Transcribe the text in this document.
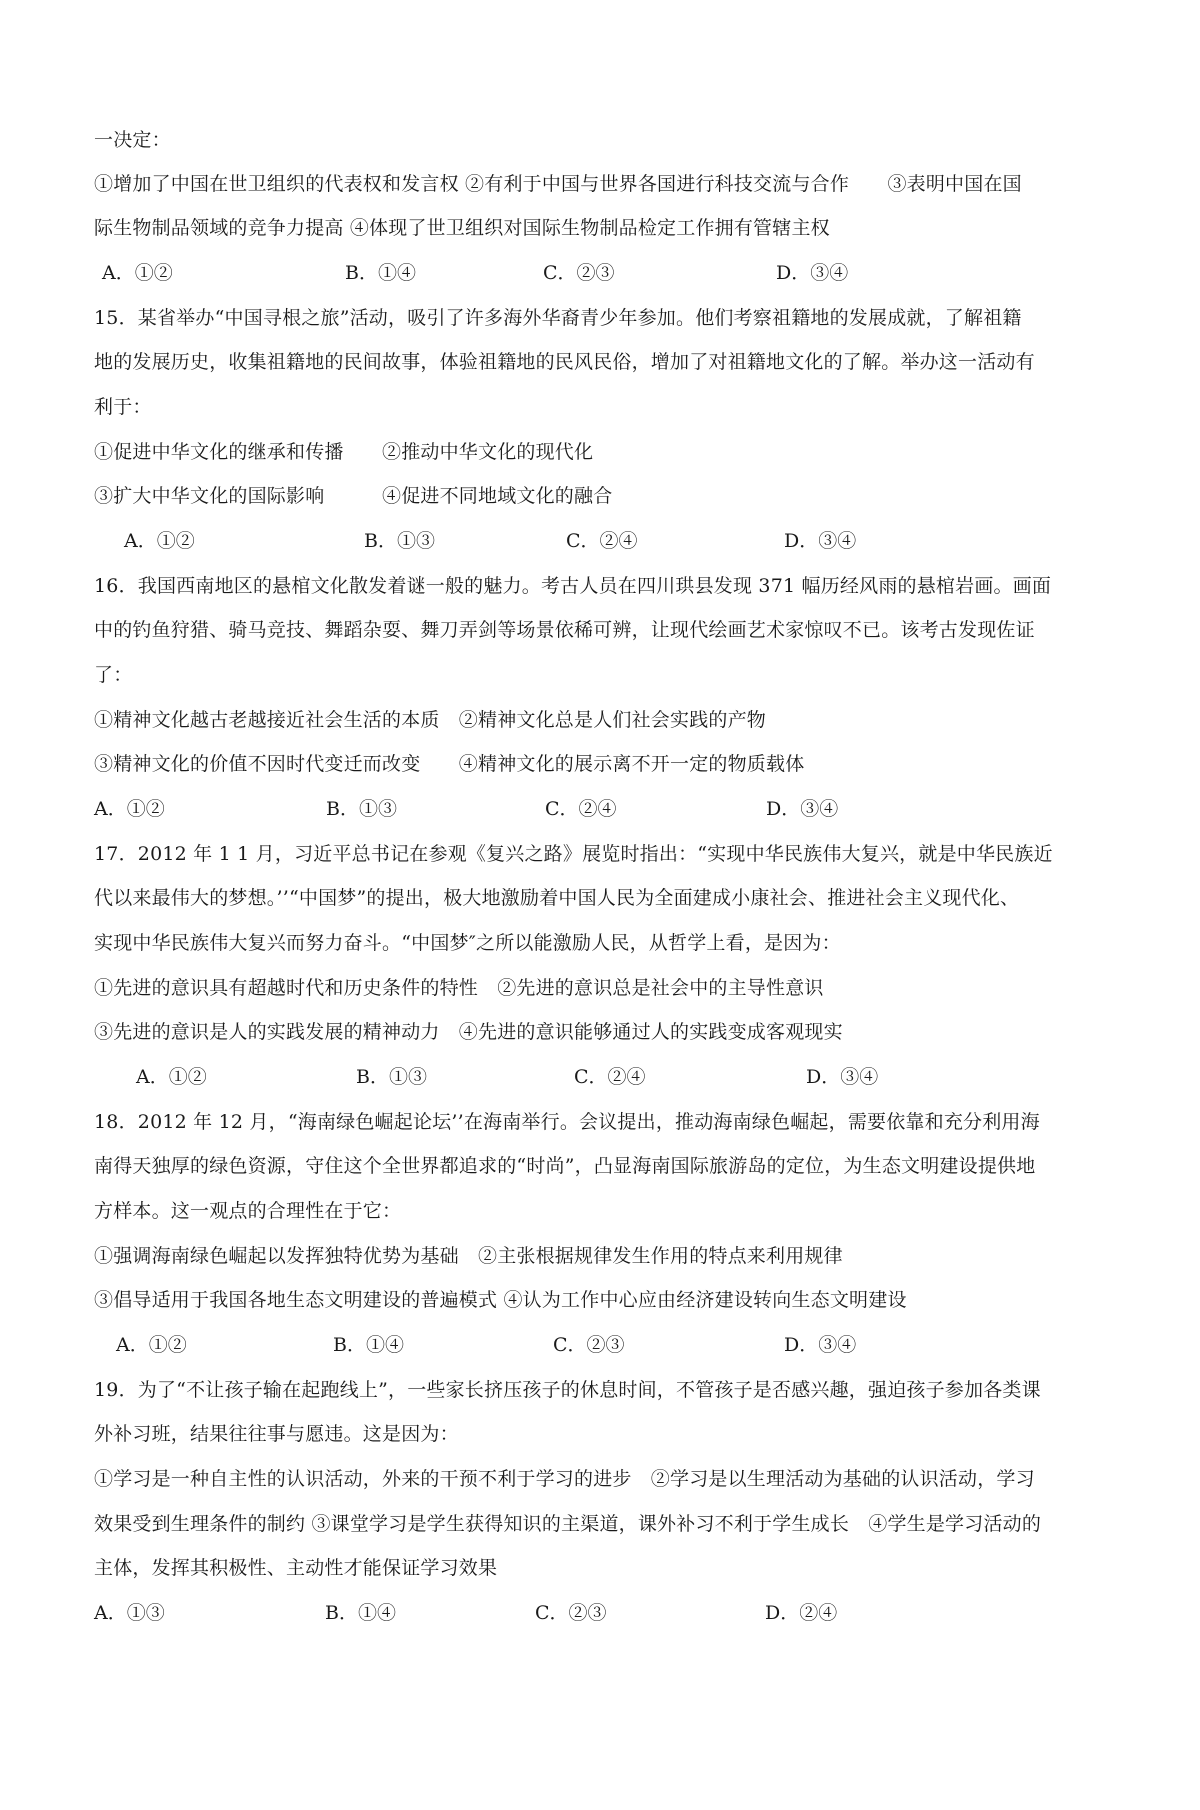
一决定：
①增加了中国在世卫组织的代表权和发言权 ②有利于中国与世界各国进行科技交流与合作　　③表明中国在国
际生物制品领域的竞争力提高 ④体现了世卫组织对国际生物制品检定工作拥有管辖主权
A．①②	B．①④	C．②③	D．③④
15．某省举办“中国寻根之旅”活动，吸引了许多海外华裔青少年参加。他们考察祖籍地的发展成就，了解祖籍
地的发展历史，收集祖籍地的民间故事，体验祖籍地的民风民俗，增加了对祖籍地文化的了解。举办这一活动有
利于：
①促进中华文化的继承和传播　　②推动中华文化的现代化
③扩大中华文化的国际影响　　　④促进不同地域文化的融合
A．①②	B．①③	C．②④	D．③④
16．我国西南地区的悬棺文化散发着谜一般的魅力。考古人员在四川珙县发现 371 幅历经风雨的悬棺岩画。画面
中的钓鱼狩猎、骑马竞技、舞蹈杂耍、舞刀弄剑等场景依稀可辨，让现代绘画艺术家惊叹不已。该考古发现佐证
了：
①精神文化越古老越接近社会生活的本质　②精神文化总是人们社会实践的产物
③精神文化的价值不因时代变迁而改变　　④精神文化的展示离不开一定的物质载体
A．①②	B．①③	C．②④	D．③④
17．2012 年 1 1 月，习近平总书记在参观《复兴之路》展览时指出：“实现中华民族伟大复兴，就是中华民族近
代以来最伟大的梦想。’’“中国梦”的提出，极大地激励着中国人民为全面建成小康社会、推进社会主义现代化、
实现中华民族伟大复兴而努力奋斗。“中国梦″之所以能激励人民，从哲学上看，是因为：
①先进的意识具有超越时代和历史条件的特性　②先进的意识总是社会中的主导性意识
③先进的意识是人的实践发展的精神动力　④先进的意识能够通过人的实践变成客观现实
A．①②	B．①③	C．②④	D．③④
18．2012 年 12 月，“海南绿色崛起论坛’’在海南举行。会议提出，推动海南绿色崛起，需要依靠和充分利用海
南得天独厚的绿色资源，守住这个全世界都追求的“时尚”，凸显海南国际旅游岛的定位，为生态文明建设提供地
方样本。这一观点的合理性在于它：
①强调海南绿色崛起以发挥独特优势为基础　②主张根据规律发生作用的特点来利用规律
③倡导适用于我国各地生态文明建设的普遍模式 ④认为工作中心应由经济建设转向生态文明建设
A．①②	B．①④	C．②③	D．③④
19．为了“不让孩子输在起跑线上”，一些家长挤压孩子的休息时间，不管孩子是否感兴趣，强迫孩子参加各类课
外补习班，结果往往事与愿违。这是因为：
①学习是一种自主性的认识活动，外来的干预不利于学习的进步　②学习是以生理活动为基础的认识活动，学习
效果受到生理条件的制约 ③课堂学习是学生获得知识的主渠道，课外补习不利于学生成长　④学生是学习活动的
主体，发挥其积极性、主动性才能保证学习效果
A．①③	B．①④	C．②③	D．②④
